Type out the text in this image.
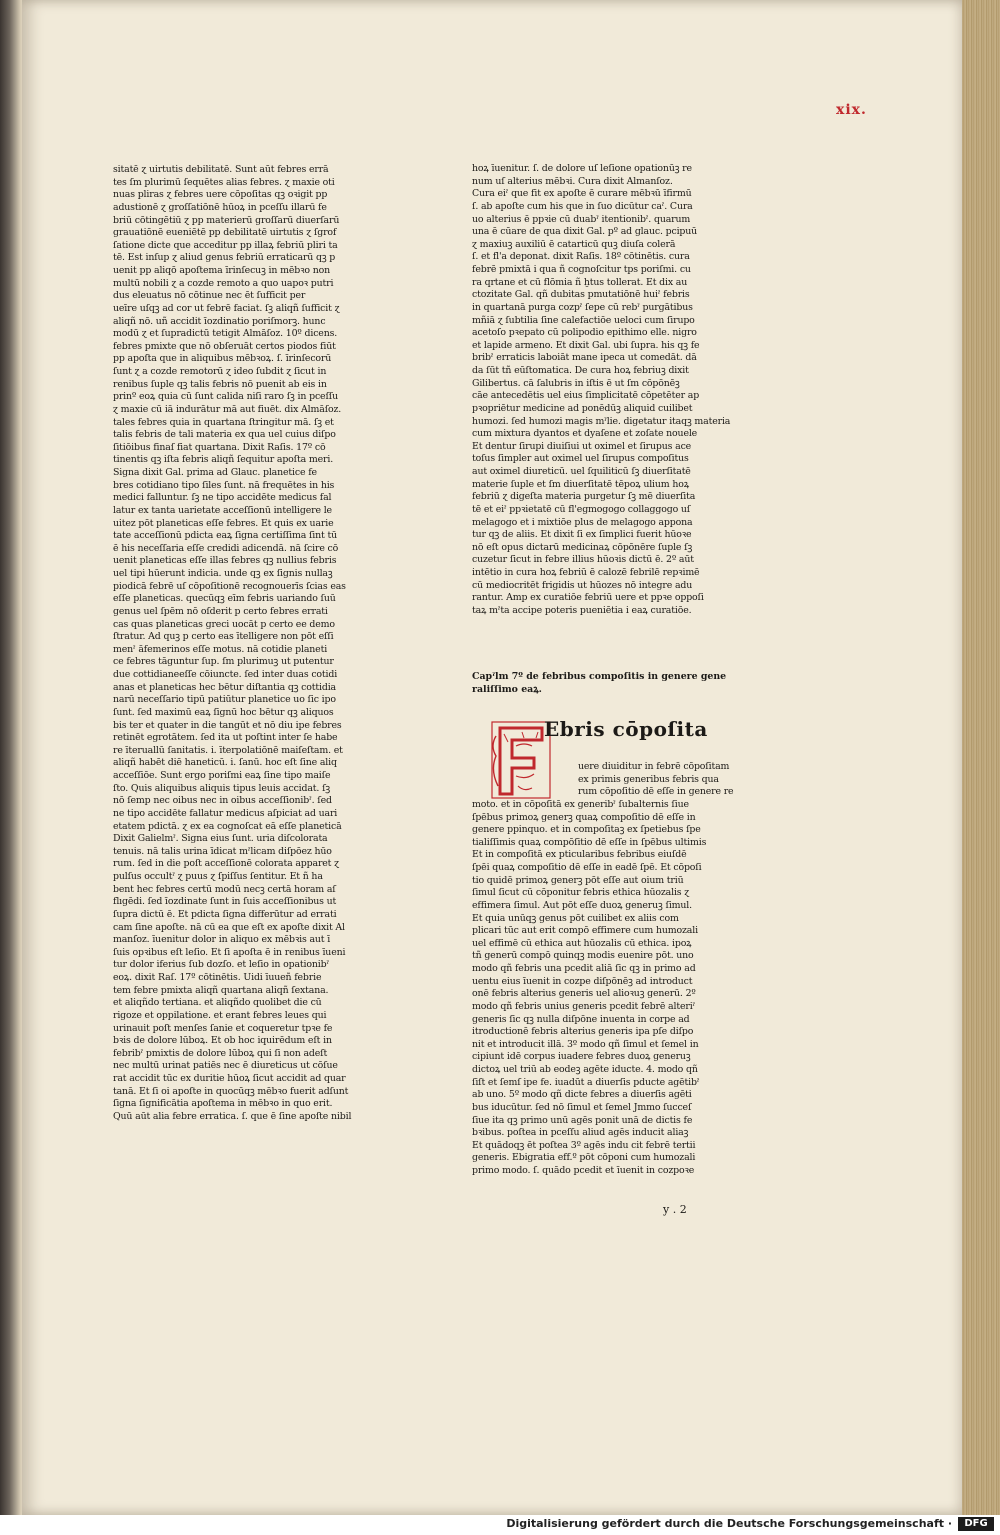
xix.

sitatē ɀ uirtutis debilitatē. Sunt aūt febres errā

tes ſm plurimū ſequētes alias febres. ɀ maxie oti

nuas pliras ɀ febres uere cōpoſitas qꝫ oꝛigit pp

adustionē ɀ groſſatiōnē hūoꝝ in pceſſu illarū fe

briū cōtingētiū ɀ pp materierū groſſarū diuerſarū

grauatiōnē eueniētē pp debilitatē uirtutis ɀ ſgrof

ſatione dicte que acceditur pp illaꝝ febriū pliri ta

tē. Est inſup ɀ aliud genus febriū erraticarū qꝫ p

uenit pp aliqō apoſtema īrinſecuꝫ in mēbꝛo non

multū nobili ɀ a cozde remoto a quo uapoꝛ putri

dus eleuatus nō cōtinue nec ēt ſufficit per

ueīre uſqꝫ ad cor ut febrē faciat. ſꝫ aliqñ ſufficit ɀ

aliqñ nō. uñ accidit īozdinatio poriſmorꝫ. hunc

modū ɀ et ſupradictū tetigit Almāſoz. 10º dicens.

febres pmixte que nō obſeruāt certos piodos fiūt

pp apoſta que in aliquibus mēbꝛoꝝ. ſ. īrinſecorū

ſunt ɀ a cozde remotorū ɀ ideo ſubdit ɀ ſicut in

renibus ſuple qꝫ talis febris nō puenit ab eis in

prinº eoꝝ quia cū ſunt calida niſi raro ſꝫ in pceſſu

ɀ maxie cū iā indurātur mā aut fiuēt. dix Almāſoz.

tales febres quia in quartana ſtringitur mā. ſꝫ et

talis febris de tali materia ex qua uel cuius diſpo

ſitiōibus finaſ fiat quartana. Dixit Raſis. 17º cō

tinentis qꝫ iſta febris aliqñ ſequitur apoſta meri.

Signa dixit Gal. prima ad Glauc. planetice fe

bres cotidiano tipo ſiles ſunt. nā frequētes in his

medici falluntur. ſꝫ ne tipo accidēte medicus fal

latur ex tanta uarietate acceſſionū intelligere le

uitez pōt planeticas eſſe febres. Et quis ex uarie

tate acceſſionū pdicta eaꝝ ſigna certiſſima ſint tū

ē his neceſſaria eſſe credidi adicendā. nā ſcire cō

uenit planeticas eſſe illas febres qꝫ nullius febris

uel tipi hūerunt indicia. unde qꝫ ex ſignis nullaꝫ

piodicā febrē uſ cōpoſitionē recognouerīs ſcias eas

eſſe planeticas. quecūqꝫ eīm febris uariando ſuū

genus uel ſpēm nō oſderit p certo febres errati

cas quas planeticas greci uocāt p certo ee demo

ſtratur. Ad quꝫ p certo eas ītelligere non pōt eſſi

menˀ āfemerinos eſſe motus. nā cotidie planeti

ce febres tāguntur ſup. ſm plurimuꝫ ut putentur

due cottidianeeſſe cōiuncte. ſed inter duas cotidi

anas et planeticas hec bētur diſtantia qꝫ cottidia

narū neceſſario tipū patiūtur planetice uo ſic ipo

ſunt. ſed maximū eaꝝ ſignū hoc bētur qꝫ aliquos

bis ter et quater in die tangūt et nō diu ipe febres

retinēt egrotātem. ſed ita ut poſtint inter ſe habe

re īteruallū ſanitatis. i. īterpolatiōnē maiſeſtam. et

aliqñ habēt diē haneticū. i. ſanū. hoc eſt ſine aliq

acceſſiōe. Sunt ergo poriſmi eaꝝ ſine tipo maiſe

ſto. Quis aliquibus aliquis tipus leuis accidat. ſꝫ

nō ſemp nec oibus nec in oibus acceſſionibˀ. ſed

ne tipo accidēte fallatur medicus aſpiciat ad uari

etatem pdictā. ɀ ex ea cognoſcat eā eſſe planeticā

Dixit Galielmˀ. Signa eius ſunt. uria diſcolorata

tenuis. nā talis urina īdicat mˀlicam diſpōez hūo

rum. ſed in die poſt acceſſionē colorata apparet ɀ

pulſus occultˀ ɀ puus ɀ ſpiſſus ſentitur. Et ñ ha

bent hec febres certū modū necꝫ certā horam aſ

flıgēdi. ſed īozdinate ſunt in ſuis acceſſionibus ut

ſupra dictū ē. Et pdicta ſigna differūtur ad errati

cam ſine apoſte. nā cū ea que eſt ex apoſte dixit Al

manſoz. īuenitur dolor in aliquo ex mēbꝛis aut ī

ſuis opꝛibus eſt leſio. Et ſi apoſta ē in renibus īueni

tur dolor iferius ſub dozſo. et leſio in opationibˀ

eoꝝ. dixit Raſ. 17º cōtinētis. Uidi īuueñ febrie

tem febre pmixta aliqñ quartana aliqñ ſextana.

et aliqñdo tertiana. et aliqñdo quolibet die cū

rigoze et oppilatione. et erant febres leues qui

urinauit poſt menſes ſanie et coqueretur tpꝛe fe

bꝛis de dolore lūboꝝ. Et ob hoc iquirēdum eſt in

febribˀ pmixtis de dolore lūboꝝ qui ſi non adeſt

nec multū urinat patiēs nec ē diureticus ut cōſue

rat accidit tūc ex duritie hūoꝝ ſicut accidit ad quar

tanā. Et ſi oi apoſte in quocūqꝫ mēbꝛo fuerit adſunt

ſigna ſignificātia apoſtema in mēbꝛo in quo erit.

Quū aūt alia febre erratica. ſ. que ē ſine apoſte nibil

hoꝝ īuenitur. ſ. de dolore uſ leſione opationūꝫ re

num uſ alterius mēbꝛi. Cura dixit Almanſoz.

Cura eiˀ que fit ex apoſte ē curare mēbꝛū īfirmū

ſ. ab apoſte cum his que in ſuo dicūtur caˀ. Cura

uo alterius ē ppꝛie cū duabˀ itentionibˀ. quarum

una ē cūare de qua dixit Gal. pº ad glauc. pcipuū

ɀ maxiuꝫ auxiliū ē catarticū quꝫ diuſa colerā

ſ. et fl'a deponat. dixit Raſis. 18º cōtinētis. cura

febrē pmixtā i qua ñ cognoſcitur tps poriſmi. cu

ra qrtane et cū flōmia ñ ḫtus tollerat. Et dix au

ctozitate Gal. qñ dubitas pmutatiōnē huiˀ febris

in quartanā purga cozpˀ ſepe cū rebˀ purgātibus

mñiā ɀ ſubtilia ſine calefactiōe ueloci cum ſirupo

acetoſo pꝛepato cū polipodio epithimo elle. nigro

et lapide armeno. Et dixit Gal. ubi ſupra. his qꝫ fe

bribˀ erraticis laboiāt mane ipeca ut comedāt. dā

da ſūt tñ eūſtomatica. De cura hoꝝ febriuꝫ dixit

Gilibertus. cā ſalubris in iſtis ē ut ſm cōpōnēꝫ

cāe antecedētis uel eius ſimplicitatē cōpetēter ap

pꝛopriētur medicine ad ponēdūꝫ aliquid cuilibet

humozi. ſed humozi magis mˀlie. digetatur itaqꝫ materia

cum mixtura dyantos et dyaſene et zoſate nouele

Et dentur ſirupi diuiſiui ut oximel et ſirupus ace

toſus ſimpler aut oximel uel ſirupus compoſitus

aut oximel diureticū. uel ſquiliticū ſꝫ diuerſitatē

materie ſuple et ſm diuerſitatē tēpoꝝ ulium hoꝝ

febriū ɀ digeſta materia purgetur ſꝫ mē diuerſita

tē et eiˀ ppꝛietatē cū fl'egmogogo collaggogo uſ

melagogo et i mixtiōe plus de melagogo appona

tur qꝫ de aliis. Et dixit ſi ex ſimplici fuerit hūoꝛe

nō eſt opus dictarū medicinaꝝ cōpōnēre ſuple ſꝫ

cuzetur ſicut in febre illius hūoꝛis dictū ē. 2º aūt

intētio in cura hoꝝ febriū ē calozē febrilē repꝛimē

cū mediocritēt frigidis ut hūozes nō integre adu

rantur. Amp ex curatiōe febriū uere et ppꝛe oppoſi

taꝝ mˀta accipe poteris pueniētia i eaꝝ curatiōe.

Capˀlm 7º de febribus compoſitis in genere gene

raliſſimo eaꝝ.

Ebris cōpoſita

uere diuiditur in febrē cōpoſitam

ex primis generibus febris qua

rum cōpoſitio dē eſſe in genere re

moto. et in cōpoſitā ex generibˀ ſubalternis ſiue

ſpēbus primoꝝ generꝫ quaꝝ compoſitio dē eſſe in

genere ppinquo. et in compoſitaꝫ ex ſpetiebus ſpe

tialiſſimis quaꝝ compōſitio dē eſſe in ſpēbus ultimis

Et in compoſitā ex pticularibus febribus eiuſdē

ſpēi quaꝝ compoſitio dē eſſe in eadē ſpē. Et cōpoſi

tio quidē primoꝝ generꝫ pōt eſſe aut oium triū

ſimul ſicut cū cōponitur febris ethica hūozalis ɀ

effimera ſimul. Aut pōt eſſe duoꝝ generuꝫ ſimul.

Et quia unūqꝫ genus pōt cuilibet ex aliis com

plicari tūc aut erit compō effimere cum humozali

uel effimē cū ethica aut hūozalis cū ethica. ipoꝝ

tñ generū compō quinqꝫ modis euenire pōt. uno

modo qñ febris una pcedit aliā ſic qꝫ in primo ad

uentu eius īuenit in cozpe diſpōnēꝫ ad introduct

onē febris alterius generis uel alioꝛuꝫ generū. 2º

modo qñ febris unius generis pcedit febrē alteriˀ

generis ſic qꝫ nulla diſpōne inuenta in corpe ad

itroductionē febris alterius generis ipa pſe diſpo

nit et introducit illā. 3º modo qñ ſimul et ſemel in

cipiunt idē corpus iuadere febres duoꝝ generuꝫ

dictoꝝ uel triū ab eodeꝫ agēte iducte. 4. modo qñ

ſiſt et ſemſ ipe fe. iuadūt a diuerſis pducte agētibˀ

ab uno. 5º modo qñ dicte febres a diuerſis agēti

bus iducūtur. ſed nō ſimul et ſemel Jmmo ſucceſ

ſiue ita qꝫ primo unū agēs ponit unā de dictis fe

bꝛibus. poſtea in pceſſu aliud agēs inducit aliaꝫ

Et quādoqꝫ ēt poſtea 3º agēs indu cit febrē tertii

generis. Ebigratia eff.º pōt cōponi cum humozali

primo modo. ſ. quādo pcedit et īuenit in cozpoꝛe

y . 2
Digitalisierung gefördert durch die Deutsche Forschungsgemeinschaft ·	DFG
